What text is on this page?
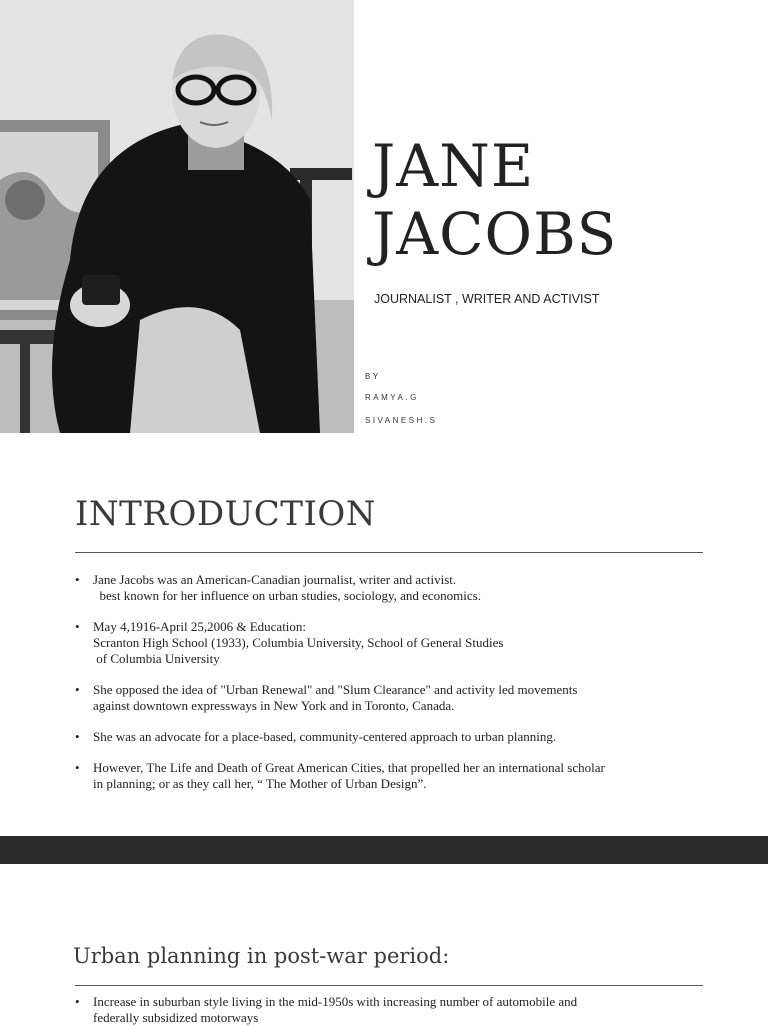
JANE
JACOBS
JOURNALIST , WRITER AND ACTIVIST
BY
RAMYA.G
SIVANESH.S
INTRODUCTION
• Jane Jacobs was an American-Canadian journalist, writer and activist.
best known for her influence on urban studies, sociology, and economics.
• May 4,1916-April 25,2006 & Education:
Scranton High School (1933), Columbia University, School of General Studies
of Columbia University
• She opposed the idea of "Urban Renewal" and "Slum Clearance" and activity led movements
against downtown expressways in New York and in Toronto, Canada.
• She was an advocate for a place-based, community-centered approach to urban planning.
• However, The Life and Death of Great American Cities, that propelled her an international scholar
in planning; or as they call her, “ The Mother of Urban Design”.
Urban planning in post-war period:
• Increase in suburban style living in the mid-1950s with increasing number of automobile and
federally subsidized motorways
